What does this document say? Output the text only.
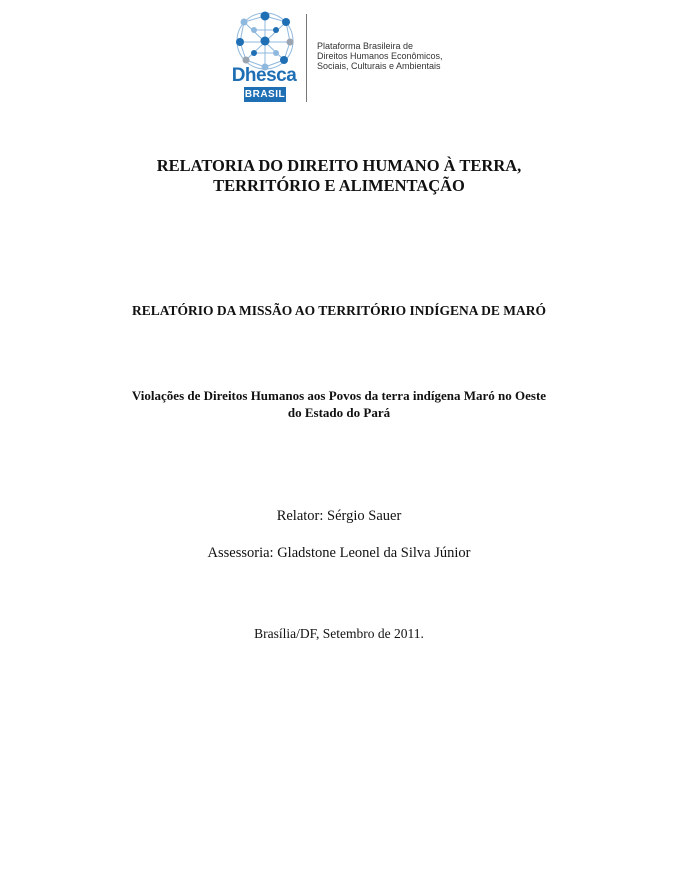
Dhesca
BRASIL
Plataforma Brasileira de
Direitos Humanos Econômicos,
Sociais, Culturais e Ambientais
RELATORIA DO DIREITO HUMANO À TERRA,
TERRITÓRIO E ALIMENTAÇÃO
RELATÓRIO DA MISSÃO AO TERRITÓRIO INDÍGENA DE MARÓ
Violações de Direitos Humanos aos Povos da terra indígena Maró no Oeste
do Estado do Pará
Relator: Sérgio Sauer
Assessoria: Gladstone Leonel da Silva Júnior
Brasília/DF, Setembro de 2011.
